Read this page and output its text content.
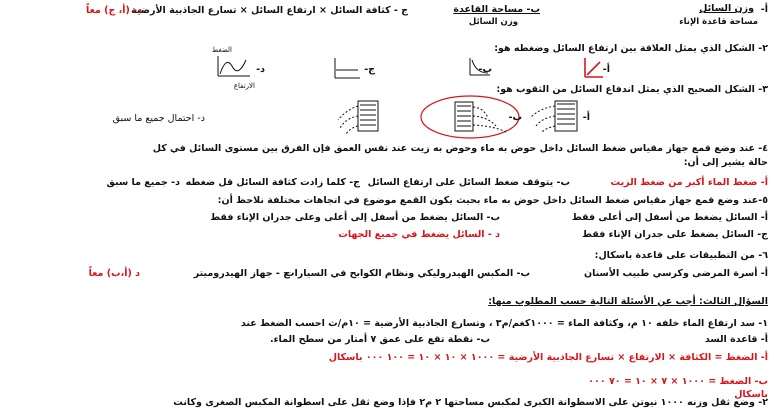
أ-
وزن السائل
مساحة قاعدة الإناء
ب- مساحة القاعدة
وزن السائل
ج - كثافة السائل × ارتفاع السائل × تسارع الجاذبية الأرضية
د- (أ، ج) معاً
٢- الشكل الذي يمثل العلاقة بين ارتفاع السائل وضغطه هو:
أ-
ب-
ج-
د-
الضغط
الارتفاع	٣- الشكل الصحيح الذي يمثل اندفاع السائل من الثقوب هو:
أ-
ب-
د- احتمال جميع ما سبق
٤- عند وضع قمع جهاز مقياس ضغط السائل داخل حوض به ماء وحوض به زيت عند نفس العمق فإن الفرق بين مستوى السائل في كل
حالة يشير إلى أن:
أ- ضغط الماء أكبر من ضغط الزيت
ب- يتوقف ضغط السائل على ارتفاع السائل
ج- كلما زادت كثافة السائل قل ضغطه
د- جميع ما سبق
٥-عند وضع قمع جهاز مقياس ضغط السائل داخل حوض به ماء بحيث يكون القمع موضوع في اتجاهات مختلفة نلاحظ أن:
أ- السائل يضغط من أسفل إلى أعلى فقط
ب- السائل يضغط من أسفل إلى أعلى وعلى جدران الإناء فقط
ج- السائل يضغط على جدران الإناء فقط
د - السائل يضغط في جميع الجهات
٦- من التطبيقات على قاعدة باسكال:
أ- أسرة المرضى وكرسي طبيب الأسنان
ب- المكبس الهيدروليكي ونظام الكوابح في السيارات
ج - جهاز الهيدروميتر
د (أ،ب) معاً
السؤال الثالث: أجب عن الأسئلة التالية حسب المطلوب منها:
١- سد ارتفاع الماء خلفه ١٠ م، وكثافة الماء = ١٠٠٠كغم/م٣ ، وتسارع الجاذبية الأرضية = ١٠م/ث احسب الضغط عند
أ- قاعدة السد
ب- نقطة تقع على عمق ٧ أمتار من سطح الماء.
أ- الضغط = الكثافة × الارتفاع × تسارع الجاذبية الأرضية = ١٠٠٠ × ١٠ × ١٠ = ١٠٠ ٠٠٠ باسكال
ب- الضغط = ١٠٠٠ × ٧ × ١٠ = ٧٠ ٠٠٠
باسكال
٢- وضع ثقل وزنه ١٠٠٠ نيوتن على الاسطوانة الكبرى لمكبس مساحتها ٢ م٢ فإذا وضع ثقل على اسطوانة المكبس الصغرى وكانت
